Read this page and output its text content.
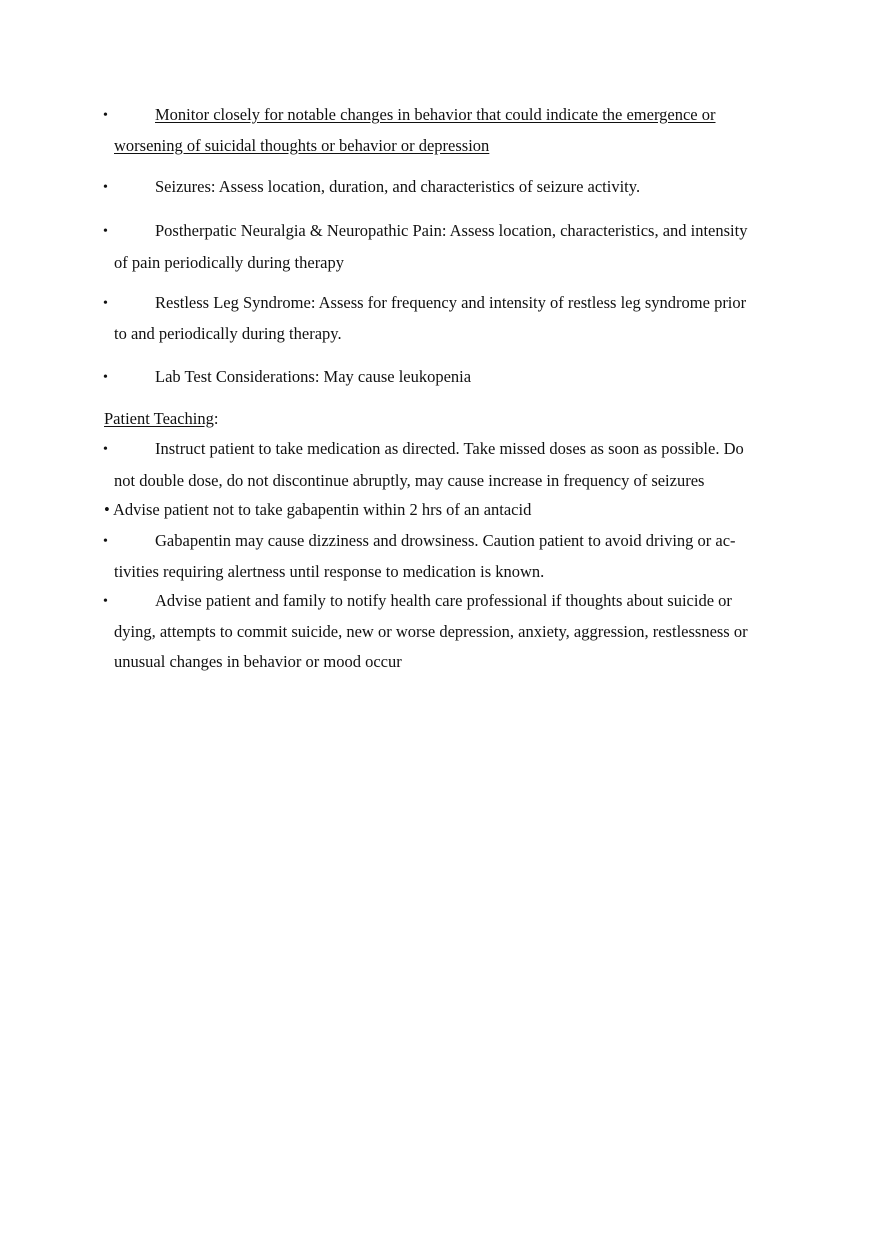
•	Monitor closely for notable changes in behavior that could indicate the emergence or
worsening of suicidal thoughts or behavior or depression
•	Seizures: Assess location, duration, and characteristics of seizure activity.
•	Postherpatic Neuralgia & Neuropathic Pain: Assess location, characteristics, and intensity
of pain periodically during therapy
•	Restless Leg Syndrome: Assess for frequency and intensity of restless leg syndrome prior
to and periodically during therapy.
•	Lab Test Considerations: May cause leukopenia
Patient Teaching:
•	Instruct patient to take medication as directed. Take missed doses as soon as possible. Do
not double dose, do not discontinue abruptly, may cause increase in frequency of seizures
• Advise patient not to take gabapentin within 2 hrs of an antacid
•	Gabapentin may cause dizziness and drowsiness. Caution patient to avoid driving or ac-
tivities requiring alertness until response to medication is known.
•	Advise patient and family to notify health care professional if thoughts about suicide or
dying, attempts to commit suicide, new or worse depression, anxiety, aggression, restlessness or
unusual changes in behavior or mood occur
